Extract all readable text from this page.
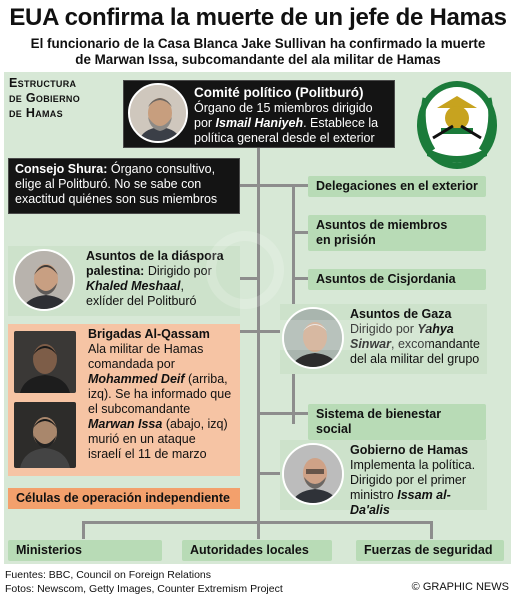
EUA confirma la muerte de un jefe de Hamas
El funcionario de la Casa Blanca Jake Sullivan ha confirmado la muerte
de Marwan Issa, subcomandante del ala militar de Hamas
Estructura
de Gobierno
de Hamas
Comité político (Politburó)
Órgano de 15 miembros dirigido
por Ismail Haniyeh. Establece la
política general desde el exterior
Consejo Shura: Órgano consultivo,
elige al Politburó. No se sabe con
exactitud quiénes son sus miembros
Delegaciones en el exterior
Asuntos de miembros
en prisión
Asuntos de Cisjordania
Sistema de bienestar social
Asuntos de la diáspora
palestina: Dirigido por
Khaled Meshaal,
exlíder del Politburó
Asuntos de Gaza
Dirigido por Yahya
Sinwar, excomandante
del ala militar del grupo
Brigadas Al-Qassam
Ala militar de Hamas
comandada por
Mohammed Deif (arriba,
izq). Se ha informado que
el subcomandante
Marwan Issa (abajo, izq)
murió en un ataque
israelí el 11 de marzo
Células de operación independiente
Gobierno de Hamas
Implementa la política.
Dirigido por el primer
ministro Issam al-Da'alis
Ministerios	Autoridades locales	Fuerzas de seguridad
Fuentes: BBC, Council on Foreign Relations
Fotos: Newscom, Getty Images, Counter Extremism Project	© GRAPHIC NEWS
